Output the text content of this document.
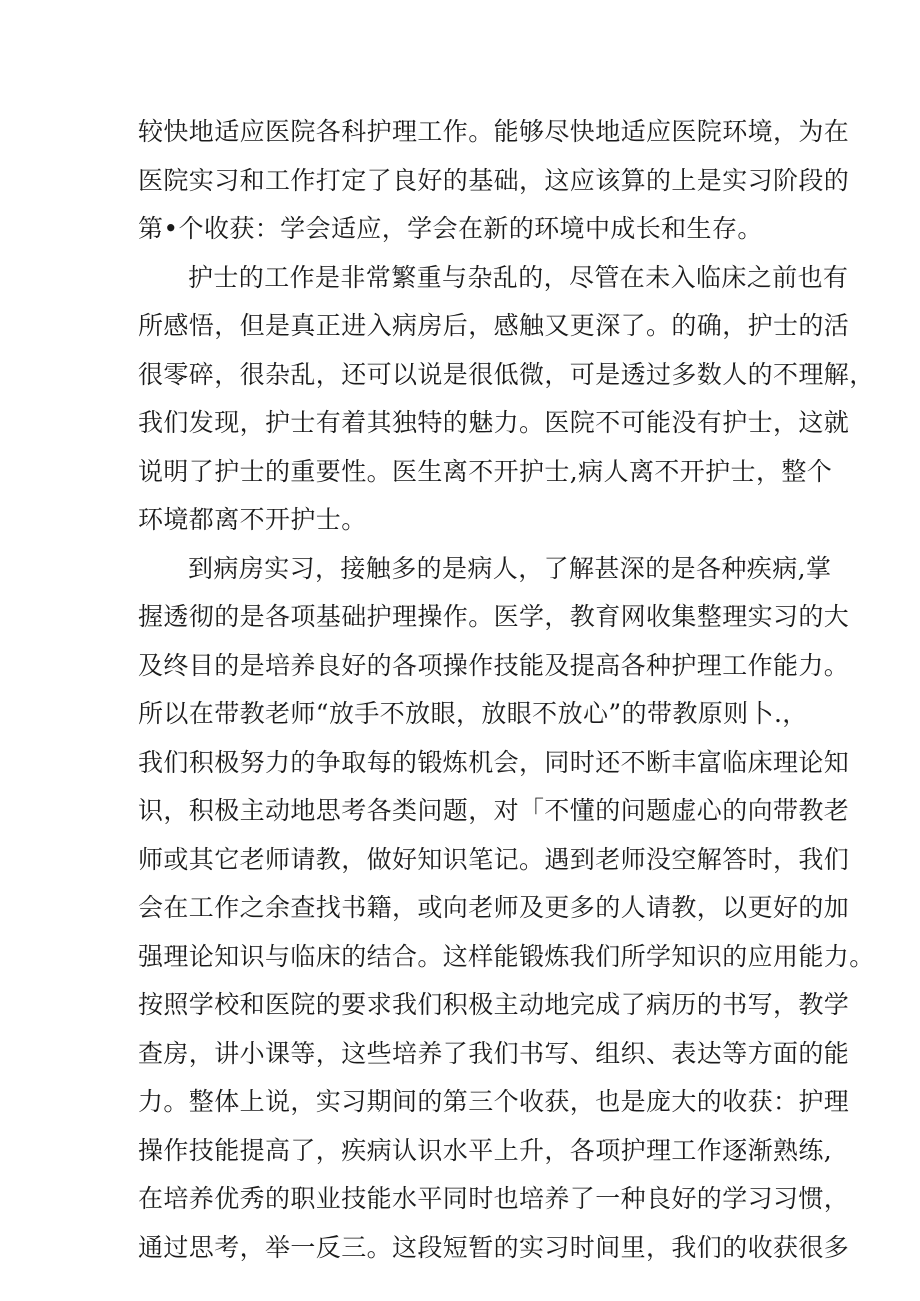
较快地适应医院各科护理工作。能够尽快地适应医院环境，为在
医院实习和工作打定了良好的基础，这应该算的上是实习阶段的
第•个收获：学会适应，学会在新的环境中成长和生存。
护士的工作是非常繁重与杂乱的，尽管在未入临床之前也有
所感悟，但是真正进入病房后，感触又更深了。的确，护士的活
很零碎，很杂乱，还可以说是很低微，可是透过多数人的不理解，
我们发现，护士有着其独特的魅力。医院不可能没有护士，这就
说明了护士的重要性。医生离不开护士,病人离不开护士，整个
环境都离不开护士。
到病房实习，接触多的是病人，了解甚深的是各种疾病,掌
握透彻的是各项基础护理操作。医学，教育网收集整理实习的大
及终目的是培养良好的各项操作技能及提高各种护理工作能力。
所以在带教老师“放手不放眼，放眼不放心”的带教原则卜.，
我们积极努力的争取每的锻炼机会，同时还不断丰富临床理论知
识，积极主动地思考各类问题，对「不懂的问题虚心的向带教老
师或其它老师请教，做好知识笔记。遇到老师没空解答时，我们
会在工作之余查找书籍，或向老师及更多的人请教，以更好的加
强理论知识与临床的结合。这样能锻炼我们所学知识的应用能力。
按照学校和医院的要求我们积极主动地完成了病历的书写，教学
查房，讲小课等，这些培养了我们书写、组织、表达等方面的能
力。整体上说，实习期间的第三个收获，也是庞大的收获：护理
操作技能提高了，疾病认识水平上升，各项护理工作逐渐熟练,
在培养优秀的职业技能水平同时也培养了一种良好的学习习惯，
通过思考，举一反三。这段短暂的实习时间里，我们的收获很多
